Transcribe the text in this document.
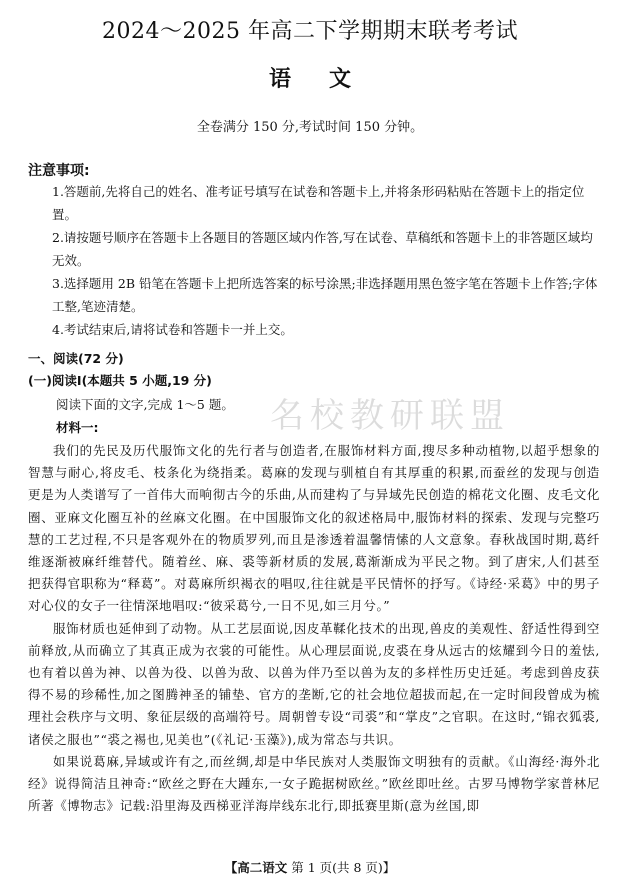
2024～2025 年高二下学期期末联考考试
语文
全卷满分 150 分,考试时间 150 分钟。
注意事项:

1.答题前,先将自己的姓名、准考证号填写在试卷和答题卡上,并将条形码粘贴在答题卡上的指定位置。

2.请按题号顺序在答题卡上各题目的答题区域内作答,写在试卷、草稿纸和答题卡上的非答题区域均无效。

3.选择题用 2B 铅笔在答题卡上把所选答案的标号涂黑;非选择题用黑色签字笔在答题卡上作答;字体工整,笔迹清楚。

4.考试结束后,请将试卷和答题卡一并上交。

一、阅读(72 分)
(一)阅读Ⅰ(本题共 5 小题,19 分)
阅读下面的文字,完成 1～5 题。
材料一:	名校教研联盟

我们的先民及历代服饰文化的先行者与创造者,在服饰材料方面,搜尽多种动植物,以超乎想象的智慧与耐心,将皮毛、枝条化为绕指柔。葛麻的发现与驯植自有其厚重的积累,而蚕丝的发现与创造更是为人类谱写了一首伟大而响彻古今的乐曲,从而建构了与异域先民创造的棉花文化圈、皮毛文化圈、亚麻文化圈互补的丝麻文化圈。在中国服饰文化的叙述格局中,服饰材料的探索、发现与完整巧慧的工艺过程,不只是客观外在的物质罗列,而且是渗透着温馨情愫的人文意象。春秋战国时期,葛纤维逐渐被麻纤维替代。随着丝、麻、裘等新材质的发展,葛渐渐成为平民之物。到了唐宋,人们甚至把获得官职称为“释葛”。对葛麻所织褐衣的唱叹,往往就是平民情怀的抒写。《诗经·采葛》中的男子对心仪的女子一往情深地唱叹:“彼采葛兮,一日不见,如三月兮。”

服饰材质也延伸到了动物。从工艺层面说,因皮革鞣化技术的出现,兽皮的美观性、舒适性得到空前释放,从而确立了其真正成为衣裳的可能性。从心理层面说,皮裘在身从远古的炫耀到今日的羞怯,也有着以兽为神、以兽为役、以兽为敌、以兽为伴乃至以兽为友的多样性历史迁延。考虑到兽皮获得不易的珍稀性,加之图腾神圣的铺垫、官方的垄断,它的社会地位超拔而起,在一定时间段曾成为梳理社会秩序与文明、象征层级的高端符号。周朝曾专设“司裘”和“掌皮”之官职。在这时,“锦衣狐裘,诸侯之服也”“裘之裼也,见美也”(《礼记·玉藻》),成为常态与共识。

如果说葛麻,异域或许有之,而丝绸,却是中华民族对人类服饰文明独有的贡献。《山海经·海外北经》说得简洁且神奇:“欧丝之野在大踵东,一女子跪据树欧丝。”欧丝即吐丝。古罗马博物学家普林尼所著《博物志》记载:沿里海及西梯亚洋海岸线东北行,即抵赛里斯(意为丝国,即

【高二语文 第 1 页(共 8 页)】
